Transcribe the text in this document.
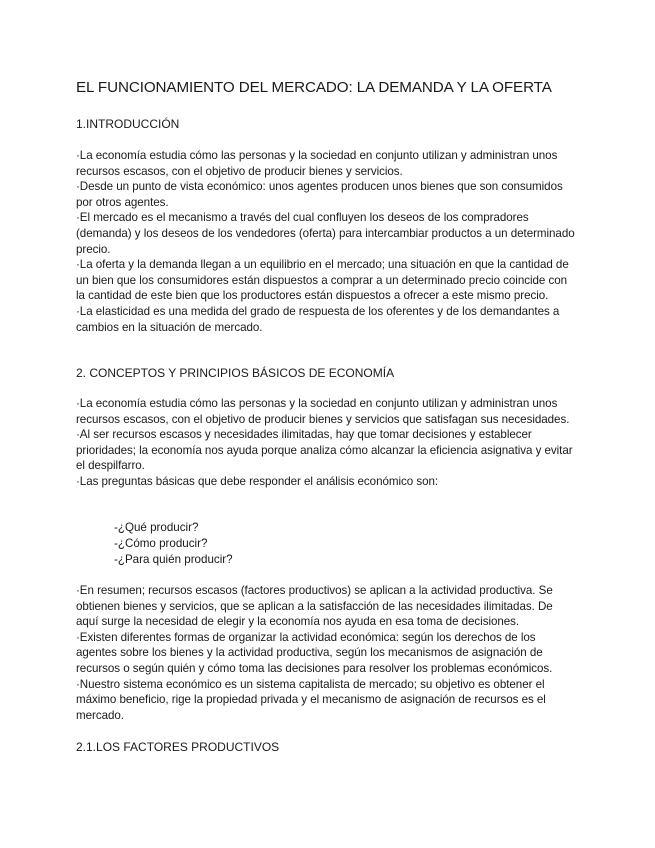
EL FUNCIONAMIENTO DEL MERCADO: LA DEMANDA Y LA OFERTA
1.INTRODUCCIÓN

·La economía estudia cómo las personas y la sociedad en conjunto utilizan y administran unos recursos escasos, con el objetivo de producir bienes y servicios.

·Desde un punto de vista económico: unos agentes producen unos bienes que son consumidos por otros agentes.

·El mercado es el mecanismo a través del cual confluyen los deseos de los compradores (demanda) y los deseos de los vendedores (oferta) para intercambiar productos a un determinado precio.

·La oferta y la demanda llegan a un equilibrio en el mercado; una situación en que la cantidad de un bien que los consumidores están dispuestos a comprar a un determinado precio coincide con la cantidad de este bien que los productores están dispuestos a ofrecer a este mismo precio.

·La elasticidad es una medida del grado de respuesta de los oferentes y de los demandantes a cambios en la situación de mercado.

2. CONCEPTOS Y PRINCIPIOS BÁSICOS DE ECONOMÍA

·La economía estudia cómo las personas y la sociedad en conjunto utilizan y administran unos recursos escasos, con el objetivo de producir bienes y servicios que satisfagan sus necesidades.

·Al ser recursos escasos y necesidades ilimitadas, hay que tomar decisiones y establecer prioridades; la economía nos ayuda porque analiza cómo alcanzar la eficiencia asignativa y evitar el despilfarro.

·Las preguntas básicas que debe responder el análisis económico son:

-¿Qué producir?
-¿Cómo producir?
-¿Para quién producir?

·En resumen; recursos escasos (factores productivos) se aplican a la actividad productiva. Se obtienen bienes y servicios, que se aplican a la satisfacción de las necesidades ilimitadas. De aquí surge la necesidad de elegir y la economía nos ayuda en esa toma de decisiones.

·Existen diferentes formas de organizar la actividad económica: según los derechos de los agentes sobre los bienes y la actividad productiva, según los mecanismos de asignación de recursos o según quién y cómo toma las decisiones para resolver los problemas económicos.

·Nuestro sistema económico es un sistema capitalista de mercado; su objetivo es obtener el máximo beneficio, rige la propiedad privada y el mecanismo de asignación de recursos es el mercado.

2.1.LOS FACTORES PRODUCTIVOS
